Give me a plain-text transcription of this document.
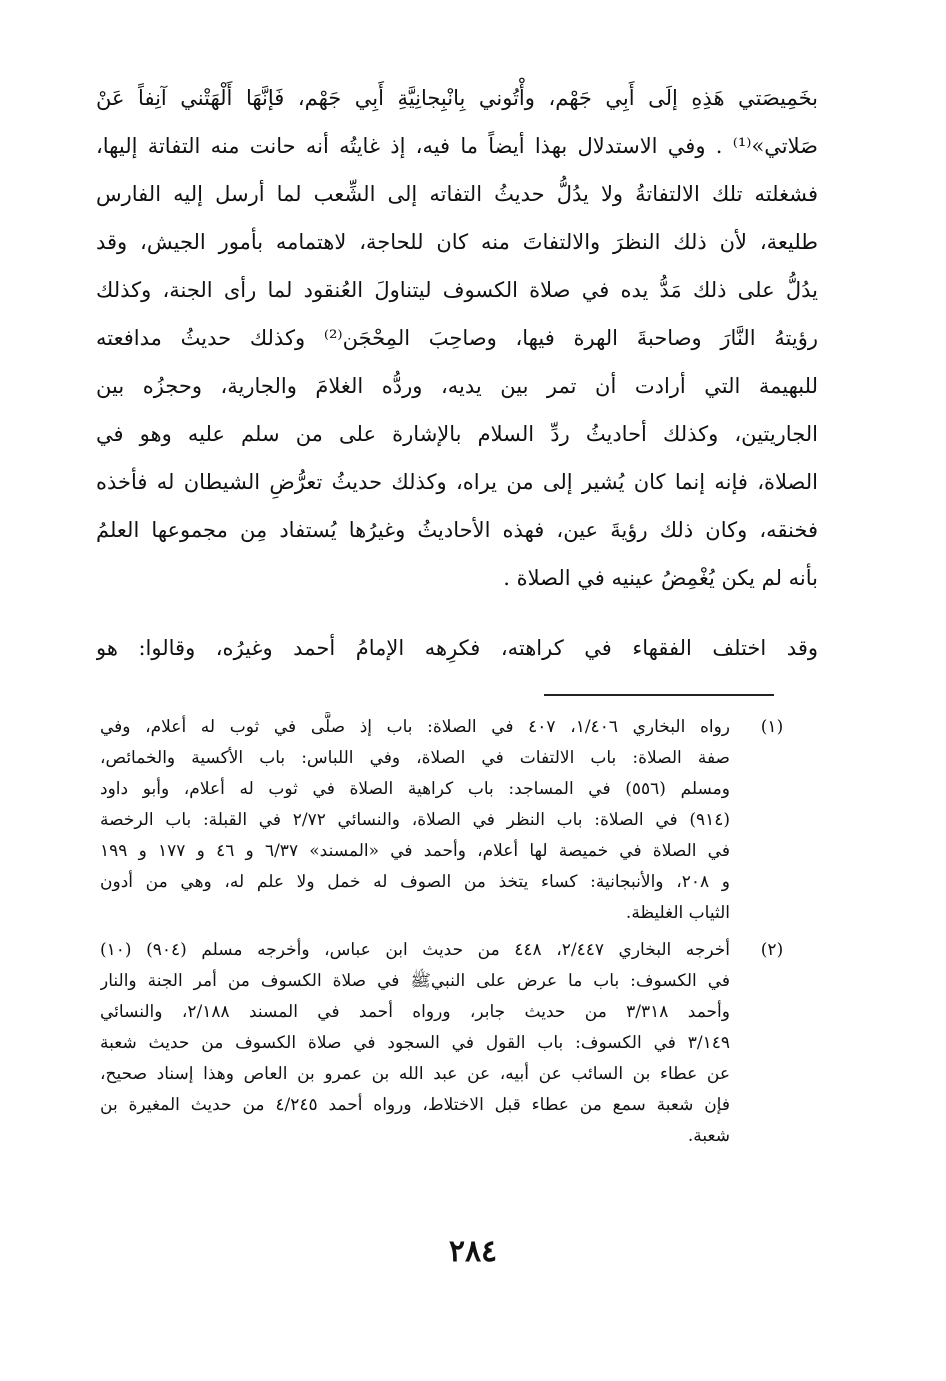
بخَمِيصَتي هَذِهِ إلَى أَبِي جَهْم، وأْتُوني بِانْبِجانِيَّةِ أَبِي جَهْم، فَإنَّهَا أَلْهَتْني آنِفاً عَنْ
صَلاتي»⁽¹⁾ . وفي الاستدلال بهذا أيضاً ما فيه، إذ غايتُه أنه حانت منه التفاتة إليها،
فشغلته تلك الالتفاتةُ ولا يدُلُّ حديثُ التفاته إلى الشِّعب لما أرسل إليه الفارس
طليعة، لأن ذلك النظرَ والالتفاتَ منه كان للحاجة، لاهتمامه بأمور الجيش، وقد
يدُلُّ على ذلك مَدُّ يده في صلاة الكسوف ليتناولَ العُنقود لما رأى الجنة، وكذلك
رؤيتهُ النَّارَ وصاحبةَ الهرة فيها، وصاحِبَ المِحْجَن⁽²⁾ وكذلك حديثُ مدافعته
للبهيمة التي أرادت أن تمر بين يديه، وردُّه الغلامَ والجارية، وحجزُه بين
الجاريتين، وكذلك أحاديثُ ردِّ السلام بالإشارة على من سلم عليه وهو في
الصلاة، فإنه إنما كان يُشير إلى من يراه، وكذلك حديثُ تعرُّضِ الشيطان له فأخذه
فخنقه، وكان ذلك رؤيةَ عين، فهذه الأحاديثُ وغيرُها يُستفاد مِن مجموعها العلمُ
بأنه لم يكن يُغْمِضُ عينيه في الصلاة .
وقد اختلف الفقهاء في كراهته، فكرِهه الإمامُ أحمد وغيرُه، وقالوا: هو
(١)
رواه البخاري ١/٤٠٦، ٤٠٧ في الصلاة: باب إذ صلَّى في ثوب له أعلام، وفي
صفة الصلاة: باب الالتفات في الصلاة، وفي اللباس: باب الأكسية والخمائص،
ومسلم (٥٥٦) في المساجد: باب كراهية الصلاة في ثوب له أعلام، وأبو داود
(٩١٤) في الصلاة: باب النظر في الصلاة، والنسائي ٢/٧٢ في القبلة: باب الرخصة
في الصلاة في خميصة لها أعلام، وأحمد في «المسند» ٦/٣٧ و ٤٦ و ١٧٧ و ١٩٩
و ٢٠٨، والأنبجانية: كساء يتخذ من الصوف له خمل ولا علم له، وهي من أدون
الثياب الغليظة.
(٢)
أخرجه البخاري ٢/٤٤٧، ٤٤٨ من حديث ابن عباس، وأخرجه مسلم (٩٠٤) (١٠)
في الكسوف: باب ما عرض على النبيﷺ في صلاة الكسوف من أمر الجنة والنار
وأحمد ٣/٣١٨ من حديث جابر، ورواه أحمد في المسند ٢/١٨٨، والنسائي
٣/١٤٩ في الكسوف: باب القول في السجود في صلاة الكسوف من حديث شعبة
عن عطاء بن السائب عن أبيه، عن عبد الله بن عمرو بن العاص وهذا إسناد صحيح،
فإن شعبة سمع من عطاء قبل الاختلاط، ورواه أحمد ٤/٢٤٥ من حديث المغيرة بن
شعبة.
٢٨٤
